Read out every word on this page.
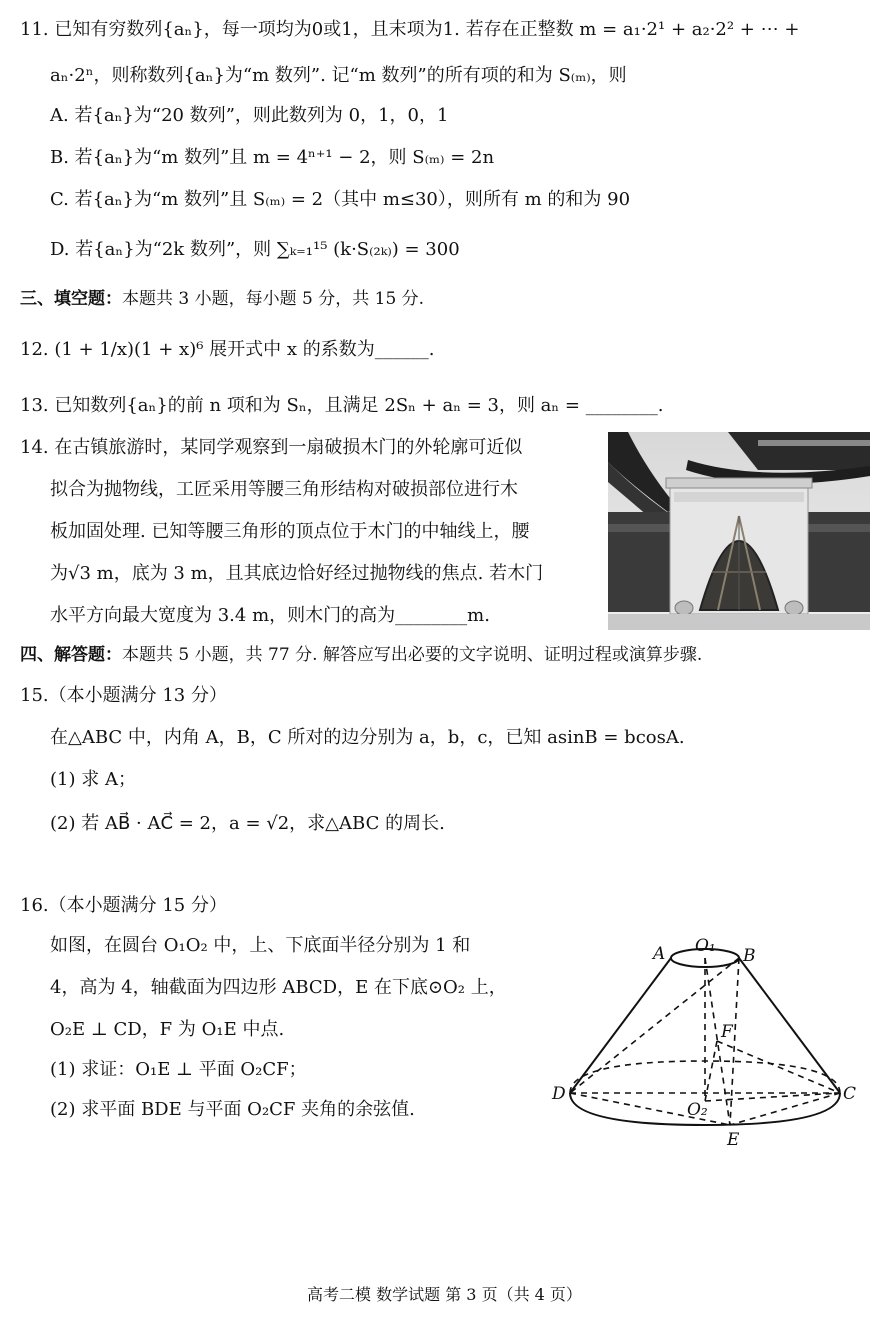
11. 已知有穷数列{aₙ}，每一项均为0或1，且末项为1. 若存在正整数 m = a₁·2¹ + a₂·2² + ⋯ +
aₙ·2ⁿ，则称数列{aₙ}为“m 数列”. 记“m 数列”的所有项的和为 S₍ₘ₎，则
A. 若{aₙ}为“20 数列”，则此数列为 0，1，0，1
B. 若{aₙ}为“m 数列”且 m = 4ⁿ⁺¹ − 2，则 S₍ₘ₎ = 2n
C. 若{aₙ}为“m 数列”且 S₍ₘ₎ = 2（其中 m≤30），则所有 m 的和为 90
D. 若{aₙ}为“2k 数列”，则 ∑ₖ₌₁¹⁵ (k·S₍₂ₖ₎) = 300
三、填空题：本题共 3 小题，每小题 5 分，共 15 分.
12. (1 + 1/x)(1 + x)⁶ 展开式中 x 的系数为______.
13. 已知数列{aₙ}的前 n 项和为 Sₙ，且满足 2Sₙ + aₙ = 3，则 aₙ = ________.
14. 在古镇旅游时，某同学观察到一扇破损木门的外轮廓可近似
拟合为抛物线，工匠采用等腰三角形结构对破损部位进行木
板加固处理. 已知等腰三角形的顶点位于木门的中轴线上，腰
为√3 m，底为 3 m，且其底边恰好经过抛物线的焦点. 若木门
水平方向最大宽度为 3.4 m，则木门的高为________m.
四、解答题：本题共 5 小题，共 77 分. 解答应写出必要的文字说明、证明过程或演算步骤.
15.（本小题满分 13 分）
在△ABC 中，内角 A，B，C 所对的边分别为 a，b，c，已知 asinB = bcosA.
(1) 求 A；
(2) 若 AB⃗ · AC⃗ = 2，a = √2，求△ABC 的周长.
16.（本小题满分 15 分）
如图，在圆台 O₁O₂ 中，上、下底面半径分别为 1 和
4，高为 4，轴截面为四边形 ABCD，E 在下底⊙O₂ 上，
O₂E ⊥ CD，F 为 O₁E 中点.
(1) 求证：O₁E ⊥ 平面 O₂CF；
(2) 求平面 BDE 与平面 O₂CF 夹角的余弦值.
A O₁ B
F
D	C
O₂
E
高考二模 数学试题 第 3 页（共 4 页）
